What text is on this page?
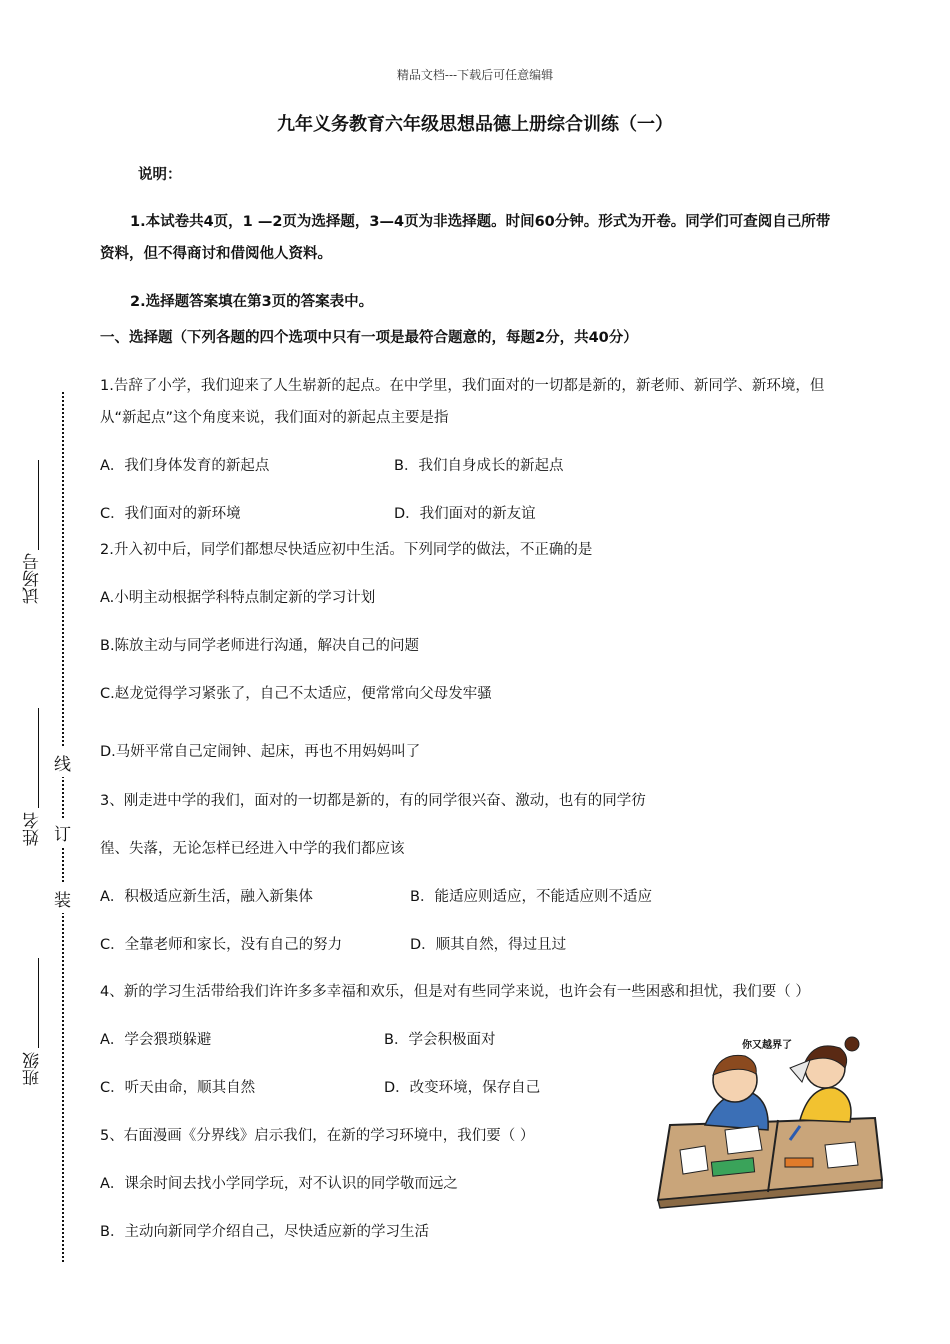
精品文档---下载后可任意编辑
九年义务教育六年级思想品德上册综合训练（一）
说明：
1.本试卷共4页，1 —2页为选择题，3—4页为非选择题。时间60分钟。形式为开卷。同学们可查阅自己所带
资料，但不得商讨和借阅他人资料。
2.选择题答案填在第3页的答案表中。
一、选择题（下列各题的四个选项中只有一项是最符合题意的，每题2分，共40分）
1.告辞了小学，我们迎来了人生崭新的起点。在中学里，我们面对的一切都是新的，新老师、新同学、新环境，但
从“新起点”这个角度来说，我们面对的新起点主要是指
A．我们身体发育的新起点	B．我们自身成长的新起点
C．我们面对的新环境	D．我们面对的新友谊
2.升入初中后，同学们都想尽快适应初中生活。下列同学的做法，不正确的是
A.小明主动根据学科特点制定新的学习计划
B.陈放主动与同学老师进行沟通，解决自己的问题
C.赵龙觉得学习紧张了，自己不太适应，便常常向父母发牢骚
D.马妍平常自己定闹钟、起床，再也不用妈妈叫了
3、刚走进中学的我们，面对的一切都是新的，有的同学很兴奋、激动，也有的同学彷
徨、失落，无论怎样已经进入中学的我们都应该
A．积极适应新生活，融入新集体	B．能适应则适应，不能适应则不适应
C．全靠老师和家长，没有自己的努力	D．顺其自然，得过且过
4、新的学习生活带给我们许许多多幸福和欢乐，但是对有些同学来说，也许会有一些困惑和担忧，我们要（ ）
A．学会猥琐躲避	B．学会积极面对
C．听天由命，顺其自然	D．改变环境，保存自己
5、右面漫画《分界线》启示我们，在新的学习环境中，我们要（ ）
A．课余时间去找小学同学玩，对不认识的同学敬而远之
B．主动向新同学介绍自己，尽快适应新的学习生活
试场号
姓名
班级
线
订
装
你又越界了
